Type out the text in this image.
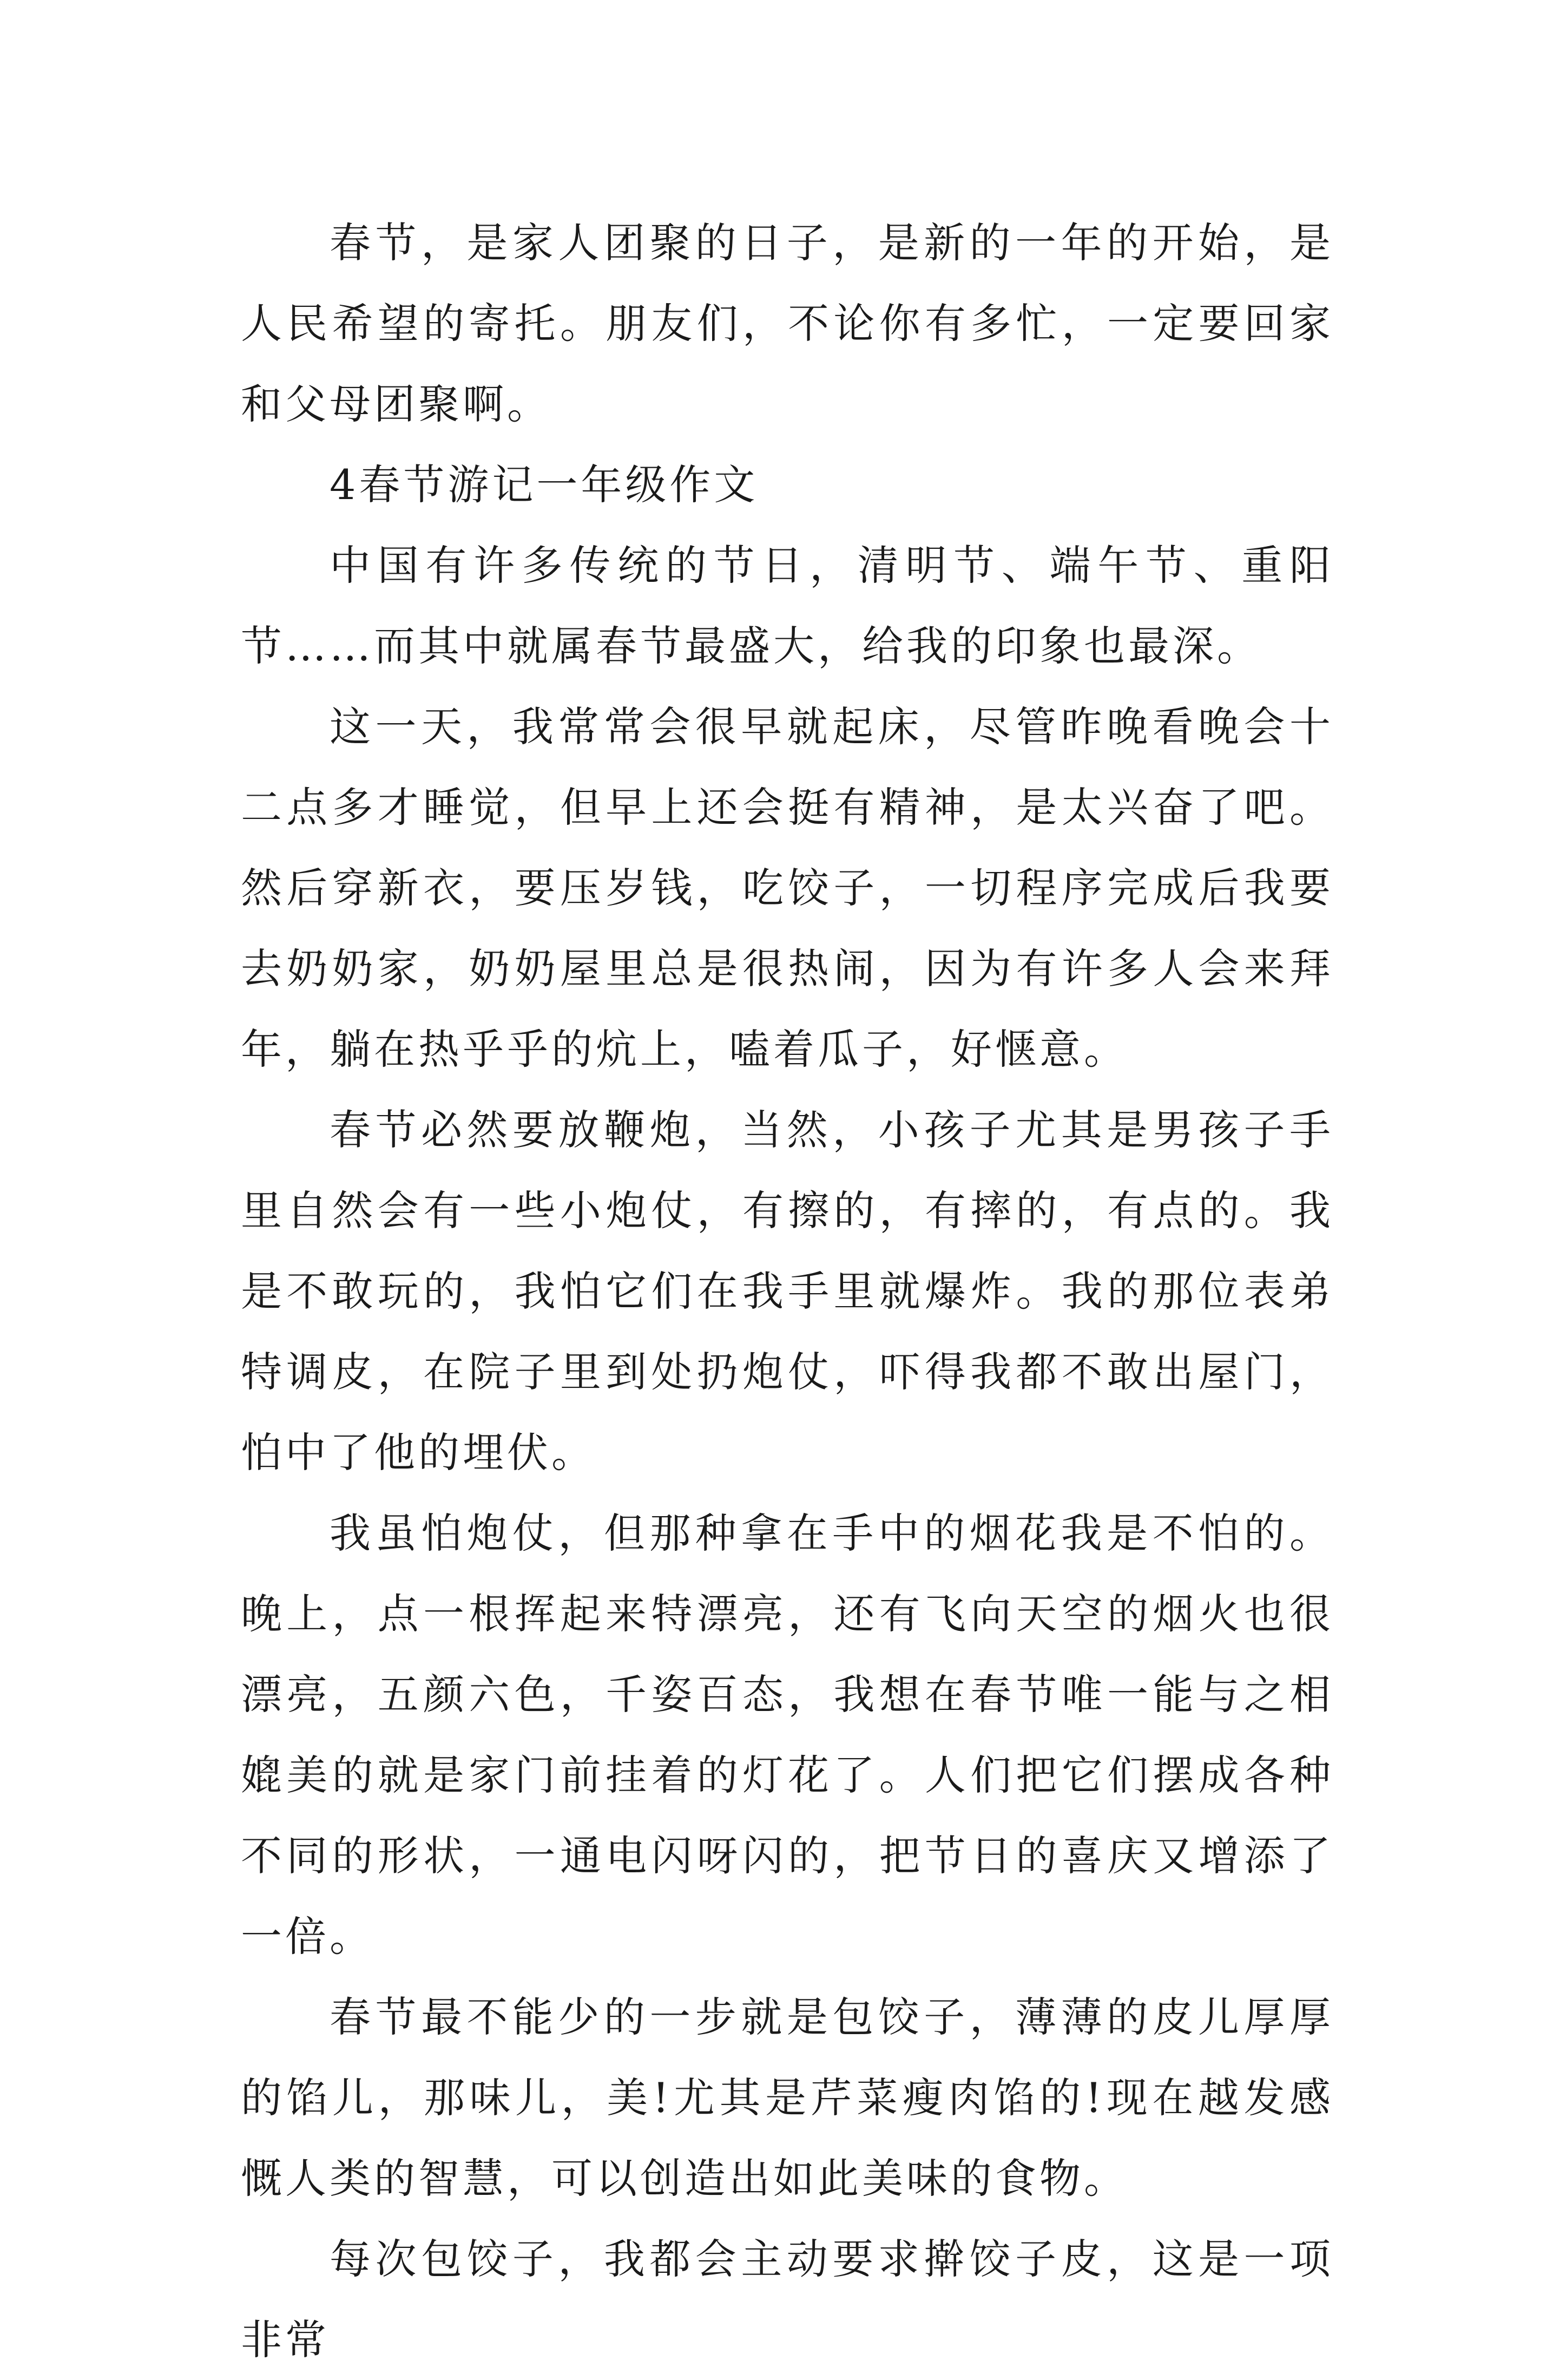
春节，是家人团聚的日子，是新的一年的开始，是人民希望的寄托。朋友们，不论你有多忙，一定要回家和父母团聚啊。

4春节游记一年级作文

中国有许多传统的节日，清明节、端午节、重阳节……而其中就属春节最盛大，给我的印象也最深。

这一天，我常常会很早就起床，尽管昨晚看晚会十二点多才睡觉，但早上还会挺有精神，是太兴奋了吧。然后穿新衣，要压岁钱，吃饺子，一切程序完成后我要去奶奶家，奶奶屋里总是很热闹，因为有许多人会来拜年，躺在热乎乎的炕上，嗑着瓜子，好惬意。

春节必然要放鞭炮，当然，小孩子尤其是男孩子手里自然会有一些小炮仗，有擦的，有摔的，有点的。我是不敢玩的，我怕它们在我手里就爆炸。我的那位表弟特调皮，在院子里到处扔炮仗，吓得我都不敢出屋门，怕中了他的埋伏。

我虽怕炮仗，但那种拿在手中的烟花我是不怕的。晚上，点一根挥起来特漂亮，还有飞向天空的烟火也很漂亮，五颜六色，千姿百态，我想在春节唯一能与之相媲美的就是家门前挂着的灯花了。人们把它们摆成各种不同的形状，一通电闪呀闪的，把节日的喜庆又增添了一倍。

春节最不能少的一步就是包饺子，薄薄的皮儿厚厚的馅儿，那味儿，美!尤其是芹菜瘦肉馅的!现在越发感慨人类的智慧，可以创造出如此美味的食物。

每次包饺子，我都会主动要求擀饺子皮，这是一项非常
